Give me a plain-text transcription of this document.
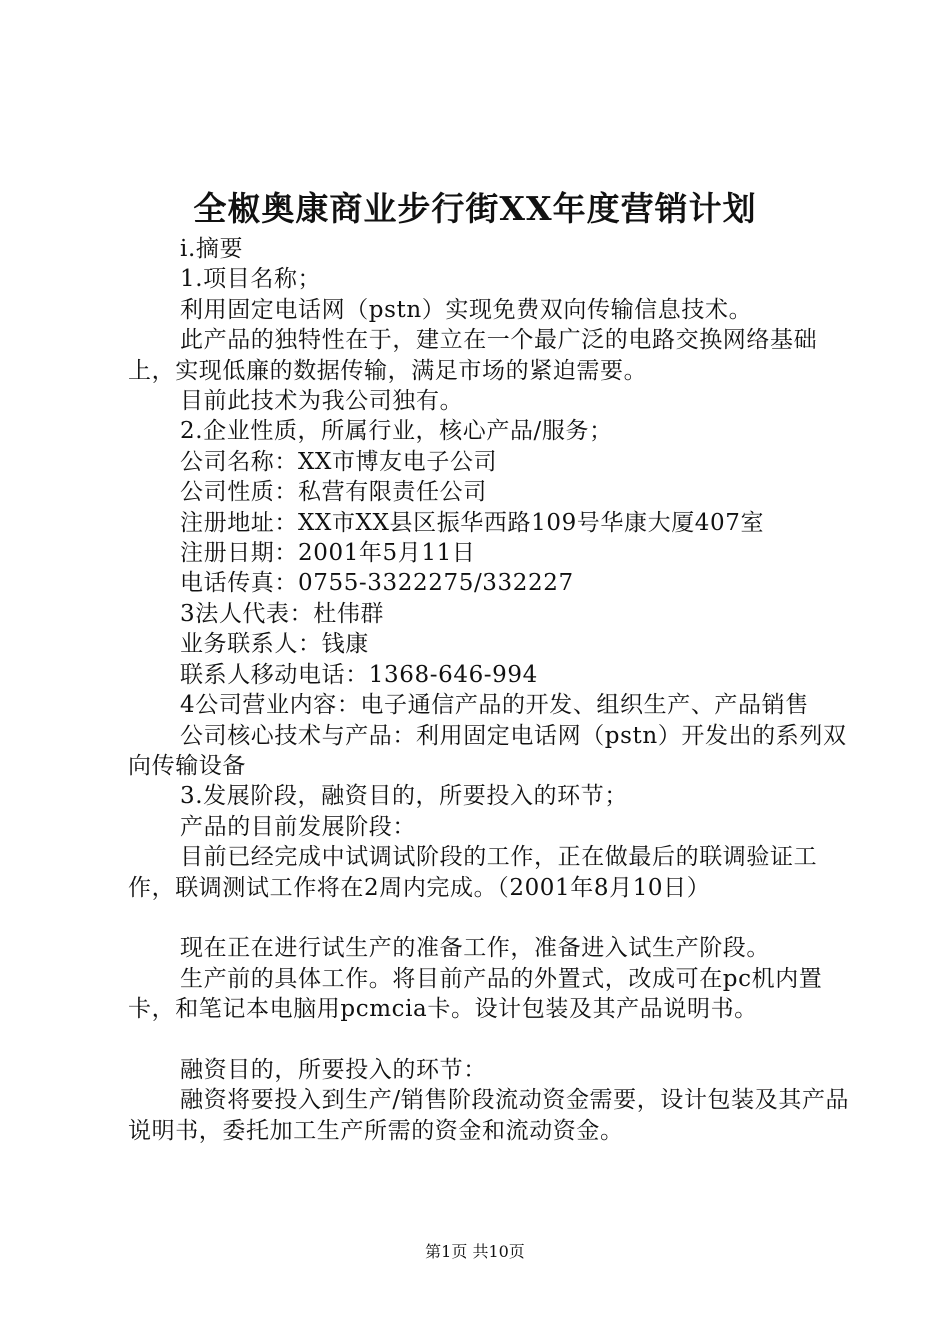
全椒奥康商业步行街XX年度营销计划

i.摘要

1.项目名称；

利用固定电话网（pstn）实现免费双向传输信息技术。

此产品的独特性在于，建立在一个最广泛的电路交换网络基础上，实现低廉的数据传输，满足市场的紧迫需要。

目前此技术为我公司独有。

2.企业性质，所属行业，核心产品/服务；

公司名称：XX市博友电子公司

公司性质：私营有限责任公司

注册地址：XX市XX县区振华西路109号华康大厦407室

注册日期：2001年5月11日

电话传真：0755-3322275/332227

3法人代表：杜伟群

业务联系人：钱康

联系人移动电话：1368-646-994

4公司营业内容：电子通信产品的开发、组织生产、产品销售

公司核心技术与产品：利用固定电话网（pstn）开发出的系列双向传输设备

3.发展阶段，融资目的，所要投入的环节；

产品的目前发展阶段：

目前已经完成中试调试阶段的工作，正在做最后的联调验证工作，联调测试工作将在2周内完成。（2001年8月10日）

现在正在进行试生产的准备工作，准备进入试生产阶段。

生产前的具体工作。将目前产品的外置式，改成可在pc机内置卡，和笔记本电脑用pcmcia卡。设计包装及其产品说明书。

融资目的，所要投入的环节：

融资将要投入到生产/销售阶段流动资金需要，设计包装及其产品说明书，委托加工生产所需的资金和流动资金。

第1页 共10页
